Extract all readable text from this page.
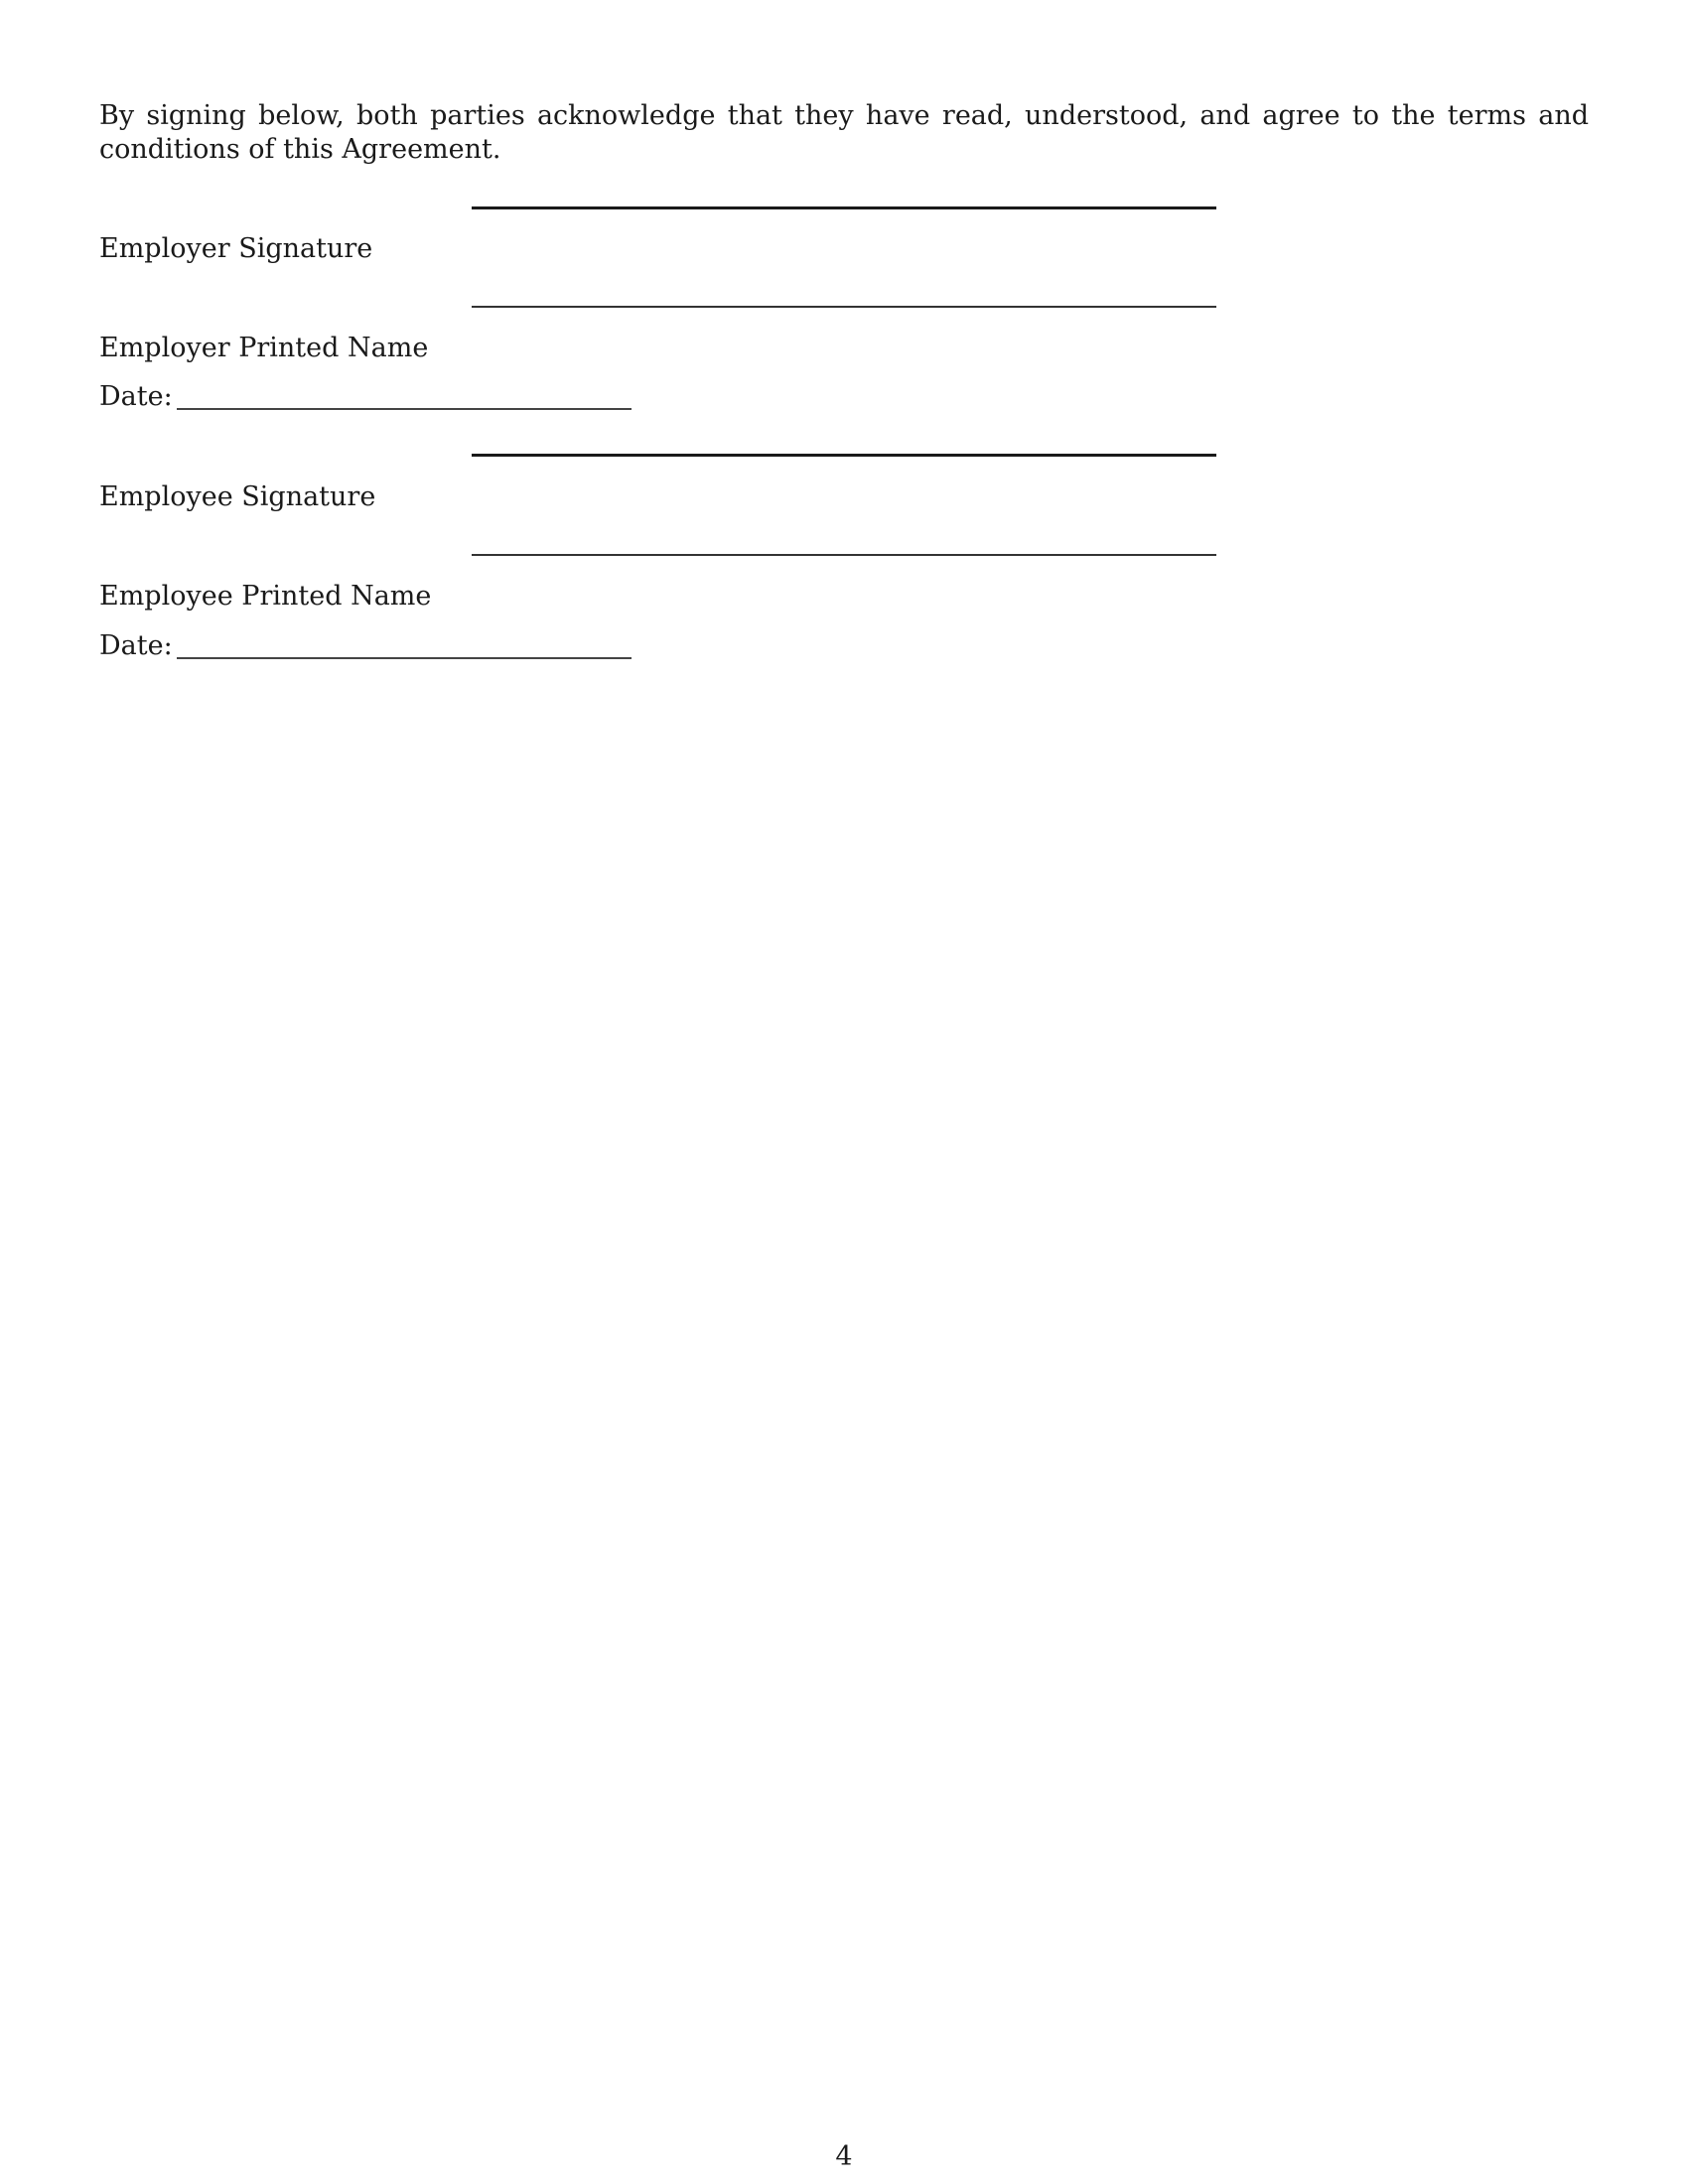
By signing below, both parties acknowledge that they have read, understood, and agree to the terms and conditions of this Agreement.

Employer Signature
Employer Printed Name
Date:
Employee Signature
Employee Printed Name
Date:
4
